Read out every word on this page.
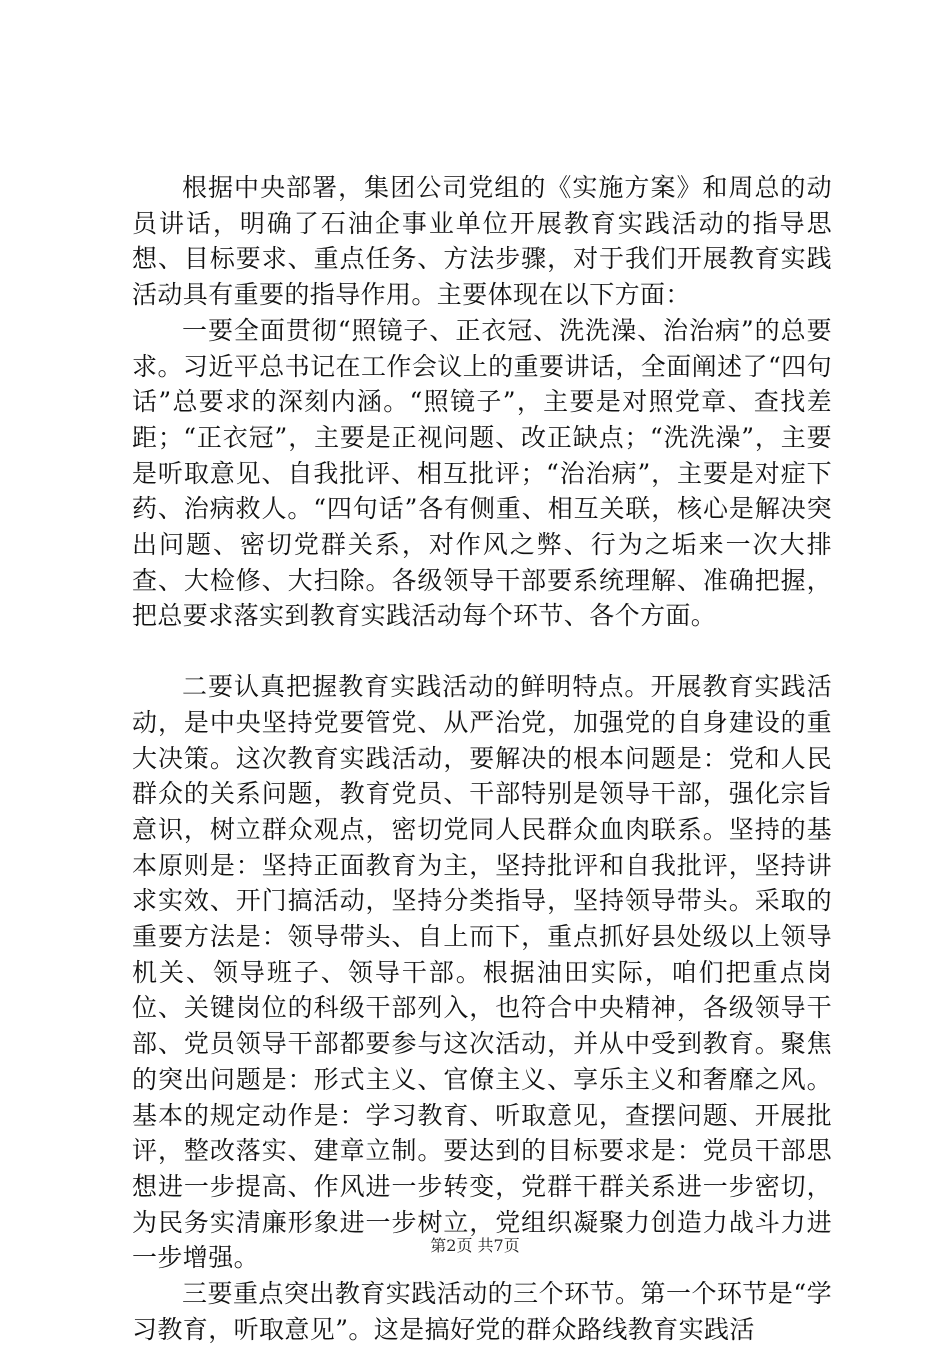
根据中央部署，集团公司党组的《实施方案》和周总的动员讲话，明确了石油企事业单位开展教育实践活动的指导思想、目标要求、重点任务、方法步骤，对于我们开展教育实践活动具有重要的指导作用。主要体现在以下方面：

一要全面贯彻“照镜子、正衣冠、洗洗澡、治治病”的总要求。习近平总书记在工作会议上的重要讲话，全面阐述了“四句话”总要求的深刻内涵。“照镜子”，主要是对照党章、查找差距；“正衣冠”，主要是正视问题、改正缺点；“洗洗澡”，主要是听取意见、自我批评、相互批评；“治治病”，主要是对症下药、治病救人。“四句话”各有侧重、相互关联，核心是解决突出问题、密切党群关系，对作风之弊、行为之垢来一次大排查、大检修、大扫除。各级领导干部要系统理解、准确把握，把总要求落实到教育实践活动每个环节、各个方面。

二要认真把握教育实践活动的鲜明特点。开展教育实践活动，是中央坚持党要管党、从严治党，加强党的自身建设的重大决策。这次教育实践活动，要解决的根本问题是：党和人民群众的关系问题，教育党员、干部特别是领导干部，强化宗旨意识，树立群众观点，密切党同人民群众血肉联系。坚持的基本原则是：坚持正面教育为主，坚持批评和自我批评，坚持讲求实效、开门搞活动，坚持分类指导，坚持领导带头。采取的重要方法是：领导带头、自上而下，重点抓好县处级以上领导机关、领导班子、领导干部。根据油田实际，咱们把重点岗位、关键岗位的科级干部列入，也符合中央精神，各级领导干部、党员领导干部都要参与这次活动，并从中受到教育。聚焦的突出问题是：形式主义、官僚主义、享乐主义和奢靡之风。基本的规定动作是：学习教育、听取意见，查摆问题、开展批评，整改落实、建章立制。要达到的目标要求是：党员干部思想进一步提高、作风进一步转变，党群干群关系进一步密切，为民务实清廉形象进一步树立，党组织凝聚力创造力战斗力进一步增强。

三要重点突出教育实践活动的三个环节。第一个环节是“学习教育，听取意见”。这是搞好党的群众路线教育实践活

第2页 共7页
